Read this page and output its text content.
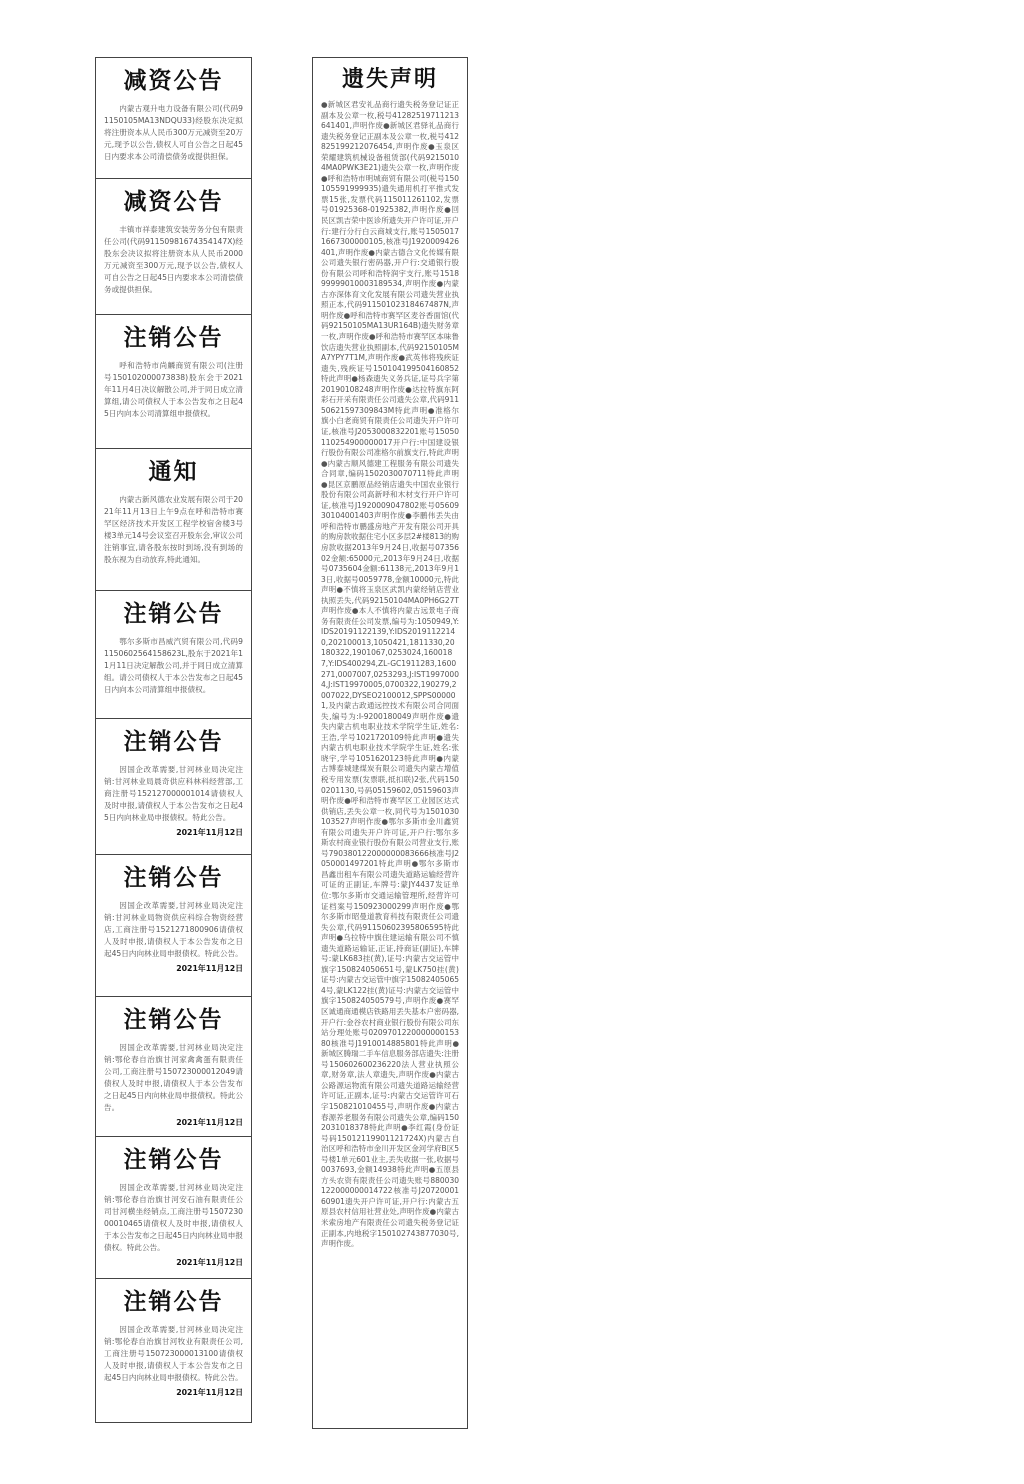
减资公告
内蒙古观升电力设备有限公司(代码91150105MA13NDQU33)经股东决定拟将注册资本从人民币300万元减资至20万元,现予以公告,债权人可自公告之日起45日内要求本公司清偿债务或提供担保。
减资公告
丰镇市祥泰建筑安装劳务分包有限责任公司(代码91150981674354147X)经股东会决议拟将注册资本从人民币2000万元减资至300万元,现予以公告,债权人可自公告之日起45日内要求本公司清偿债务或提供担保。
注销公告
呼和浩特市尚麟商贸有限公司(注册号150102000073838)股东会于2021年11月4日决议解散公司,并于同日成立清算组,请公司债权人于本公告发布之日起45日内向本公司清算组申报债权。
通知
内蒙古新风德农业发展有限公司于2021年11月13日上午9点在呼和浩特市赛罕区经济技术开发区工程学校宿舍楼3号楼3单元14号会议室召开股东会,审议公司注销事宜,请各股东按时到场,没有到场的股东视为自动放弃,特此通知。
注销公告
鄂尔多斯市昌威汽贸有限公司,代码91150602564158623L,股东于2021年11月11日决定解散公司,并于同日成立清算组。请公司债权人于本公告发布之日起45日内向本公司清算组申报债权。
注销公告
因国企改革需要,甘河林业局决定注销:甘河林业局晨奇供应科林科经营部,工商注册号152127000001014请债权人及时申报,请债权人于本公告发布之日起45日内向林业局申报债权。特此公告。
2021年11月12日
注销公告
因国企改革需要,甘河林业局决定注销:甘河林业局物资供应科综合物资经营店,工商注册号1521271800906请债权人及时申报,请债权人于本公告发布之日起45日内向林业局申报债权。特此公告。
2021年11月12日
注销公告
因国企改革需要,甘河林业局决定注销:鄂伦春自治旗甘河家禽禽蛋有限责任公司,工商注册号150723000012049请债权人及时申报,请债权人于本公告发布之日起45日内向林业局申报债权。特此公告。
2021年11月12日
注销公告
因国企改革需要,甘河林业局决定注销:鄂伦春自治旗甘河安石油有限责任公司甘河横坐经销点,工商注册号150723000010465请债权人及时申报,请债权人于本公告发布之日起45日内向林业局申报债权。特此公告。
2021年11月12日
注销公告
因国企改革需要,甘河林业局决定注销:鄂伦春自治旗甘河牧业有限责任公司,工商注册号150723000013100请债权人及时申报,请债权人于本公告发布之日起45日内向林业局申报债权。特此公告。
2021年11月12日
遗失声明
●新城区君安礼品商行遗失税务登记证正副本及公章一枚,税号412825197112136414​01,声明作废●新城区君驿礼品商行遗失税务登记正副本及公章一枚,税号412825199212076454,声明作废●玉泉区荣耀建筑机械设备租赁部(代码92150104MA0PWK3E21)遗失公章一枚,声明作废●呼和浩特市明城商贸有限公司(税号150105591999935)遗失通用机打平推式发票15张,发票代码115011261102,发票号01925368-01925382,声明作废●回民区凯吉荣中医诊所遗失开户许可证,开户行:建行分行白云商城支行,账号15050171667300000105,核准号J1920009426401,声明作废●内蒙古德合文化传媒有限公司遗失银行密码器,开户行:交通银行股份有限公司呼和浩特润宇支行,账号151899999010003189534,声明作废●内蒙古亦深体育文化发展有限公司遗失营业执照正本,代码91150102318467487N,声明作废●呼和浩特市赛罕区麦谷香面馆(代码92150105MA13UR164B)遗失财务章一枚,声明作废●呼和浩特市赛罕区本味鲁饮店遗失营业执照副本,代码92150105MA7YPY7T1M,声明作废●武英伟将残疾证遗失,残疾证号150104199504160852特此声明●杨森遗失义务兵证,证号兵字第20190108248声明作废●达拉特旗东阿彩石开采有限责任公司遗失公章,代码91150621597309843M特此声明●准格尔旗小白老商贸有限责任公司遗失开户许可证,核准号J2053000832201账号15050110254900000017开户行:中国建设银行股份有限公司准格尔前旗支行,特此声明●内蒙古顺风德建工程服务有限公司遗失合同章,编码150203007071​1特此声明●昆区京鹏原品经销店遗失中国农业银行股份有限公司高新呼和木材支行开户许可证,核准号J1920009047802账号05609301040014​03声明作废●李鹏伟丢失由呼和浩特市鹏盛房地产开发有限公司开具的购房款收据住宅小区多层2#楼813的购房款收据2013年9月24日,收据号0735602金额:65000元,2013年9月24日,收据号0735604金额:61138元,2013年9月13日,收据号0059778,金额10000元,特此声明●不慎将玉泉区武凯内蒙经销店营业执照丢失,代码92150104MA0PH6G27T声明作废●本人不慎将内蒙古远景电子商务有限责任公司发票,编号为:1050949,Y:IDS20191122139,Y:IDS20191122140,20210001​3,1050421,1811330,20180322,1901067,0253024,1600187,Y:IDS400294,ZL-GC1911283,1600271,0007007,0253293,J:IST1997000​4,J:IST19970005,0700322,190279,2007022,DYSEO2100012,SPPS000001,及内蒙古政通远控技术有限公司合同面失,编号为:I-9200180049声明作废●遗失内蒙古机电职业技术学院学生证,姓名:王浩,学号1021720109特此声明●遗失内蒙古机电职业技术学院学生证,姓名:张晓宇,学号1051620123特此声明●内蒙古博泰城建煤炭有限公司遗失内蒙古增值税专用发票(发票联,抵扣联)2张,代码1500201130,号码05159602,05159603声明作废●呼和浩特市赛罕区工业园区达式供销店,丢失公章一枚,同代号为1501030103527声明作废●鄂尔多斯市金川鑫贸有限公司遗失开户许可证,开户行:鄂尔多斯农村商业银行股份有限公司营业支行,账号79038012200000008366​6核准号J2050001497201特此声明●鄂尔多斯市昌鑫出租车有限公司遗失道路运输经营许可证的正副证,车牌号:蒙JY4437发证单位:鄂尔多斯市交通运输管理所,经营许可证档案号150923000299声明作废●鄂尔多斯市昭曼道教育科技有限责任公司遗失公章,代码91150602395806595特此声明●乌拉特中旗住建运输有限公司不慎遗失道路运输证,正证,持商证(副证),车牌号:蒙LK683挂(黄),证号:内蒙古交运管中旗字150824050651号,蒙LK750挂(黄)证号:内蒙古交运管中旗字150824050654号,蒙LK122挂(黄)证号:内蒙古交运管中旗字150824050579号,声明作废●赛罕区诚通商通模店铁路用丢失基本户密码器,开户行:金谷农村商业银行股份有限公司东站分理处账号020970122000000015380核准号J1910014885801特此声明●新城区腾瑞二手车信息服务部店遗失:注册号150602600236220法人营业执照公章,财务章,法人章遗失,声明作废●内蒙古公路源运物流有限公司遗失道路运输经营许可证,正副本,证号:内蒙古交运管许可石字150821010455号,声明作废●内蒙古春源养老服务有限公司遗失公章,编码1502031018378特此声明●李红霞(身份证号码15012119901121724X)内蒙古自治区呼和浩特市金川开发区金河学府B区5号楼1单元601业主,丢失收据一张,收据号0037693,金额14938特此声明●五原县方头农资有限责任公司遗失账号880030122000000014722核准号J2072000160901遗失开户许可证,开户行:内蒙古五原县农村信用社营业处,声明作废●内蒙古米索房地产有限责任公司遗失税务登记证正副本,内地税字150102743877030号,声明作废。
